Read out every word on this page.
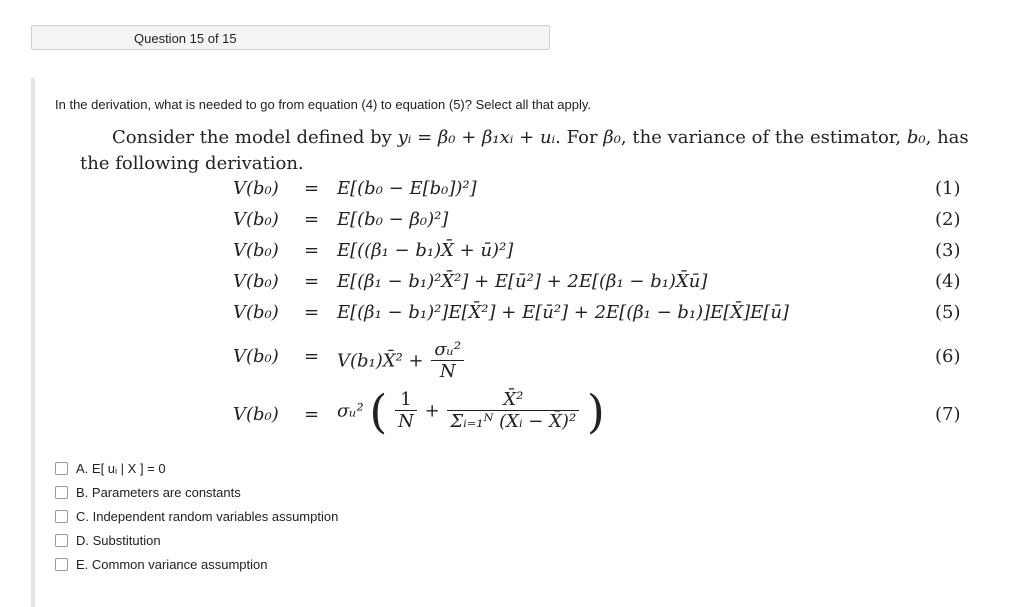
Question 15 of 15
In the derivation, what is needed to go from equation (4) to equation (5)? Select all that apply.
Consider the model defined by yᵢ = β₀ + β₁xᵢ + uᵢ. For β₀, the variance of the estimator, b₀, has the following derivation.
V(b₀) = E[(b₀ − E[b₀])²]	(1)
V(b₀) = E[(b₀ − β₀)²]	(2)
V(b₀) = E[((β₁ − b₁)X̄ + ū)²]	(3)
V(b₀) = E[(β₁ − b₁)²X̄²] + E[ū²] + 2E[(β₁ − b₁)X̄ū]	(4)
V(b₀) = E[(β₁ − b₁)²]E[X̄²] + E[ū²] + 2E[(β₁ − b₁)]E[X̄]E[ū]	(5)
V(b₀) = V(b₁)X̄² + $\frac{\text{σᵤ²}}{N}$	(6)
V(b₀) = σᵤ² ( $\frac{1}{N} + \frac{\text{X̄²}}{\text{Σᵢ₌₁ᴺ (Xᵢ − X̄)²}}$ )	(7)
A. E[ uᵢ | X ] = 0
B. Parameters are constants
C. Independent random variables assumption
D. Substitution
E. Common variance assumption
